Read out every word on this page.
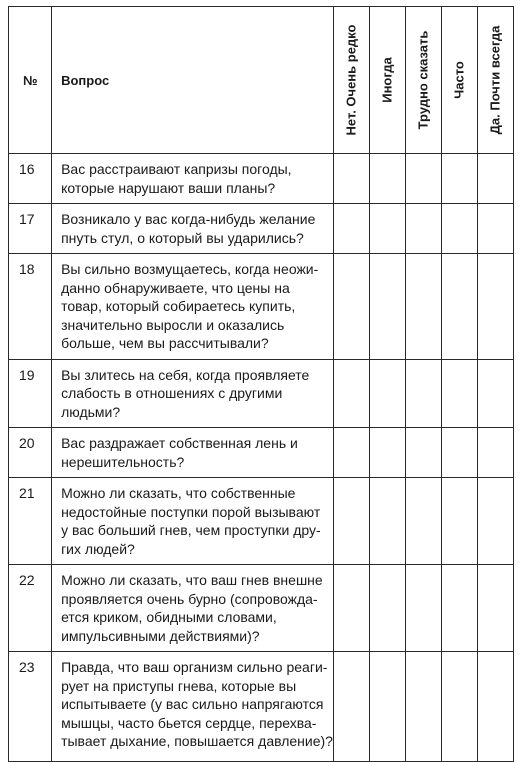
№	Вопрос	Нет. Очень редко	Иногда	Трудно сказать	Часто	Да. Почти всегда

16	Вас расстраивают капризы погоды,
которые нарушают ваши планы?					

17	Возникало у вас когда-нибудь желание
пнуть стул, о который вы ударились?					

18	Вы сильно возмущаетесь, когда неожи-
данно обнаруживаете, что цены на
товар, который собираетесь купить,
значительно выросли и оказались
больше, чем вы рассчитывали?					

19	Вы злитесь на себя, когда проявляете
слабость в отношениях с другими
людьми?					

20	Вас раздражает собственная лень и
нерешительность?					

21	Можно ли сказать, что собственные
недостойные поступки порой вызывают
у вас больший гнев, чем проступки дру-
гих людей?					

22	Можно ли сказать, что ваш гнев внешне
проявляется очень бурно (сопровожда-
ется криком, обидными словами,
импульсивными действиями)?					

23	Правда, что ваш организм сильно реаги-
рует на приступы гнева, которые вы
испытываете (у вас сильно напрягаются
мышцы, часто бьется сердце, перехва-
тывает дыхание, повышается давление)?					
